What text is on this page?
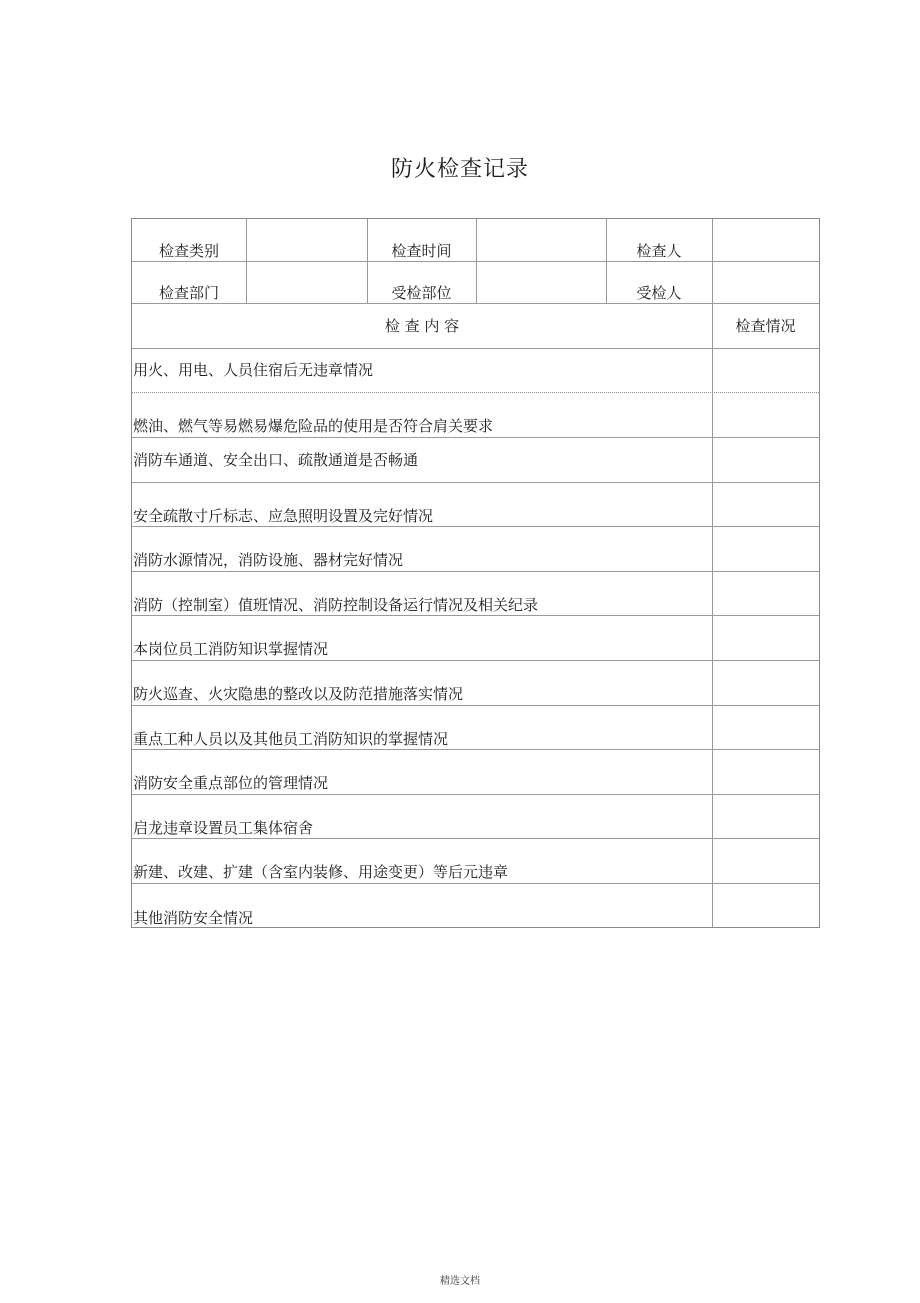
防火检查记录
检查类别	检查时间	检查人
检查部门	受检部位	受检人
检 查 内 容	检查情况
用火、用电、人员住宿后无违章情况
燃油、燃气等易燃易爆危险品的使用是否符合肩关要求
消防车通道、安全出口、疏散通道是否畅通
安全疏散寸斤标志、应急照明设置及完好情况
消防水源情况，消防设施、器材完好情况
消防（控制室）值班情况、消防控制设备运行情况及相关纪录
本岗位员工消防知识掌握情况
防火巡查、火灾隐患的整改以及防范措施落实情况
重点工种人员以及其他员工消防知识的掌握情况
消防安全重点部位的管理情况
启龙违章设置员工集体宿舍
新建、改建、扩建（含室内装修、用途变更）等后元违章
其他消防安全情况
精选文档
